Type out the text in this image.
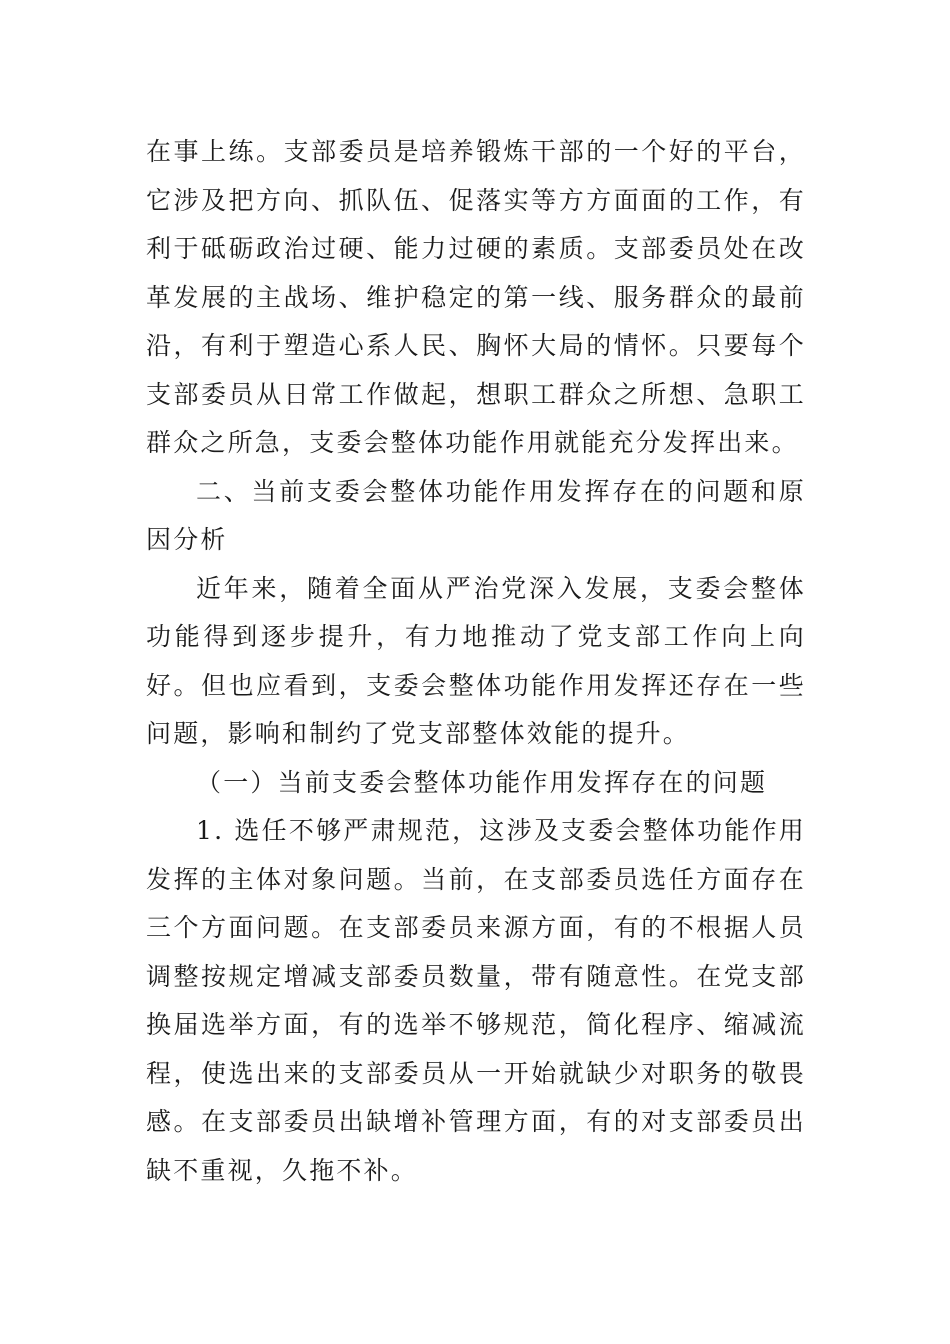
在事上练。支部委员是培养锻炼干部的一个好的平台，它涉及把方向、抓队伍、促落实等方方面面的工作，有利于砥砺政治过硬、能力过硬的素质。支部委员处在改革发展的主战场、维护稳定的第一线、服务群众的最前沿，有利于塑造心系人民、胸怀大局的情怀。只要每个支部委员从日常工作做起，想职工群众之所想、急职工群众之所急，支委会整体功能作用就能充分发挥出来。

二、当前支委会整体功能作用发挥存在的问题和原因分析

近年来，随着全面从严治党深入发展，支委会整体功能得到逐步提升，有力地推动了党支部工作向上向好。但也应看到，支委会整体功能作用发挥还存在一些问题，影响和制约了党支部整体效能的提升。

（一）当前支委会整体功能作用发挥存在的问题

1. 选任不够严肃规范，这涉及支委会整体功能作用发挥的主体对象问题。当前，在支部委员选任方面存在三个方面问题。在支部委员来源方面，有的不根据人员调整按规定增减支部委员数量，带有随意性。在党支部换届选举方面，有的选举不够规范，简化程序、缩减流程，使选出来的支部委员从一开始就缺少对职务的敬畏感。在支部委员出缺增补管理方面，有的对支部委员出缺不重视，久拖不补。
